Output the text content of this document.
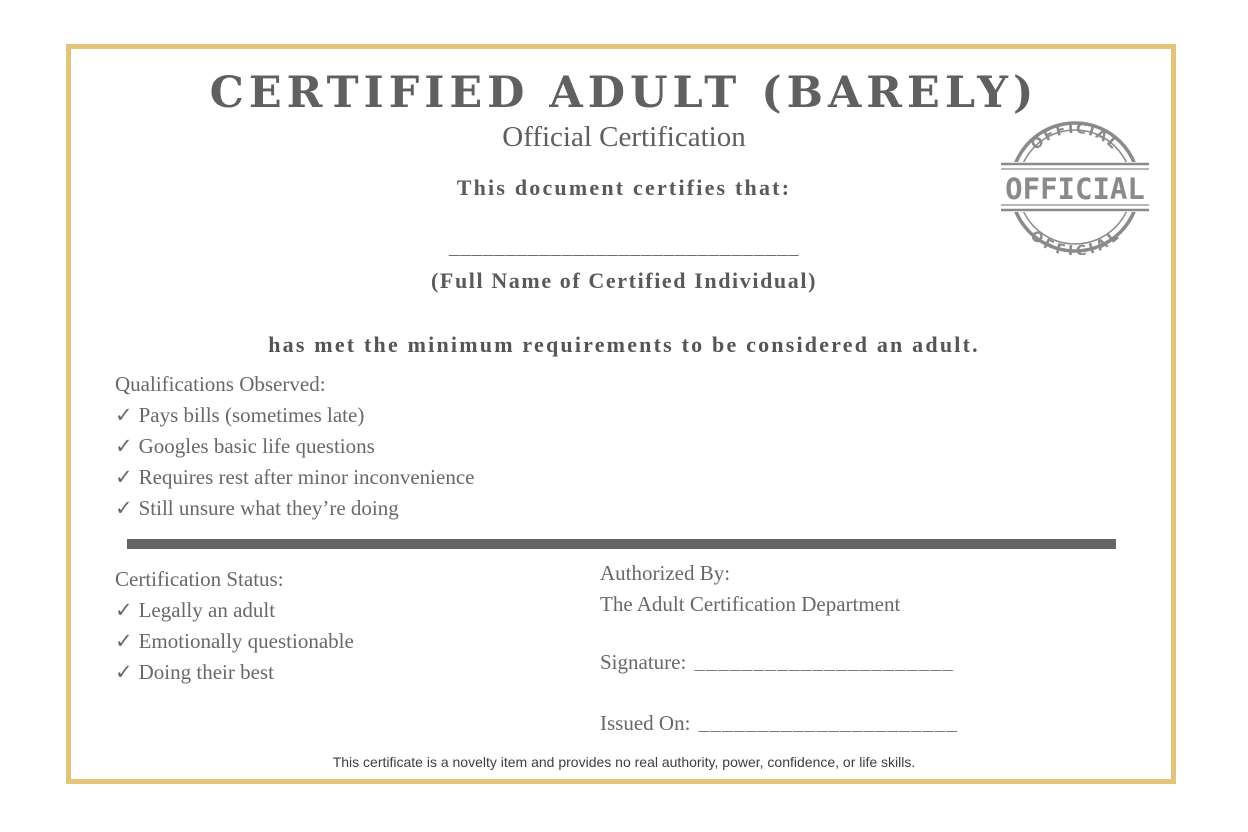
CERTIFIED ADULT (BARELY)
Official Certification
This document certifies that:
_______________________________
(Full Name of Certified Individual)
has met the minimum requirements to be considered an adult.
Qualifications Observed:
✓ Pays bills (sometimes late)
✓ Googles basic life questions
✓ Requires rest after minor inconvenience
✓ Still unsure what they’re doing
Certification Status:
✓ Legally an adult
✓ Emotionally questionable
✓ Doing their best
Authorized By:
The Adult Certification Department
Signature: ______________________
Issued On: ______________________
OFFICIAL
OFFICIAL
OFFICIAL
This certificate is a novelty item and provides no real authority, power, confidence, or life skills.
